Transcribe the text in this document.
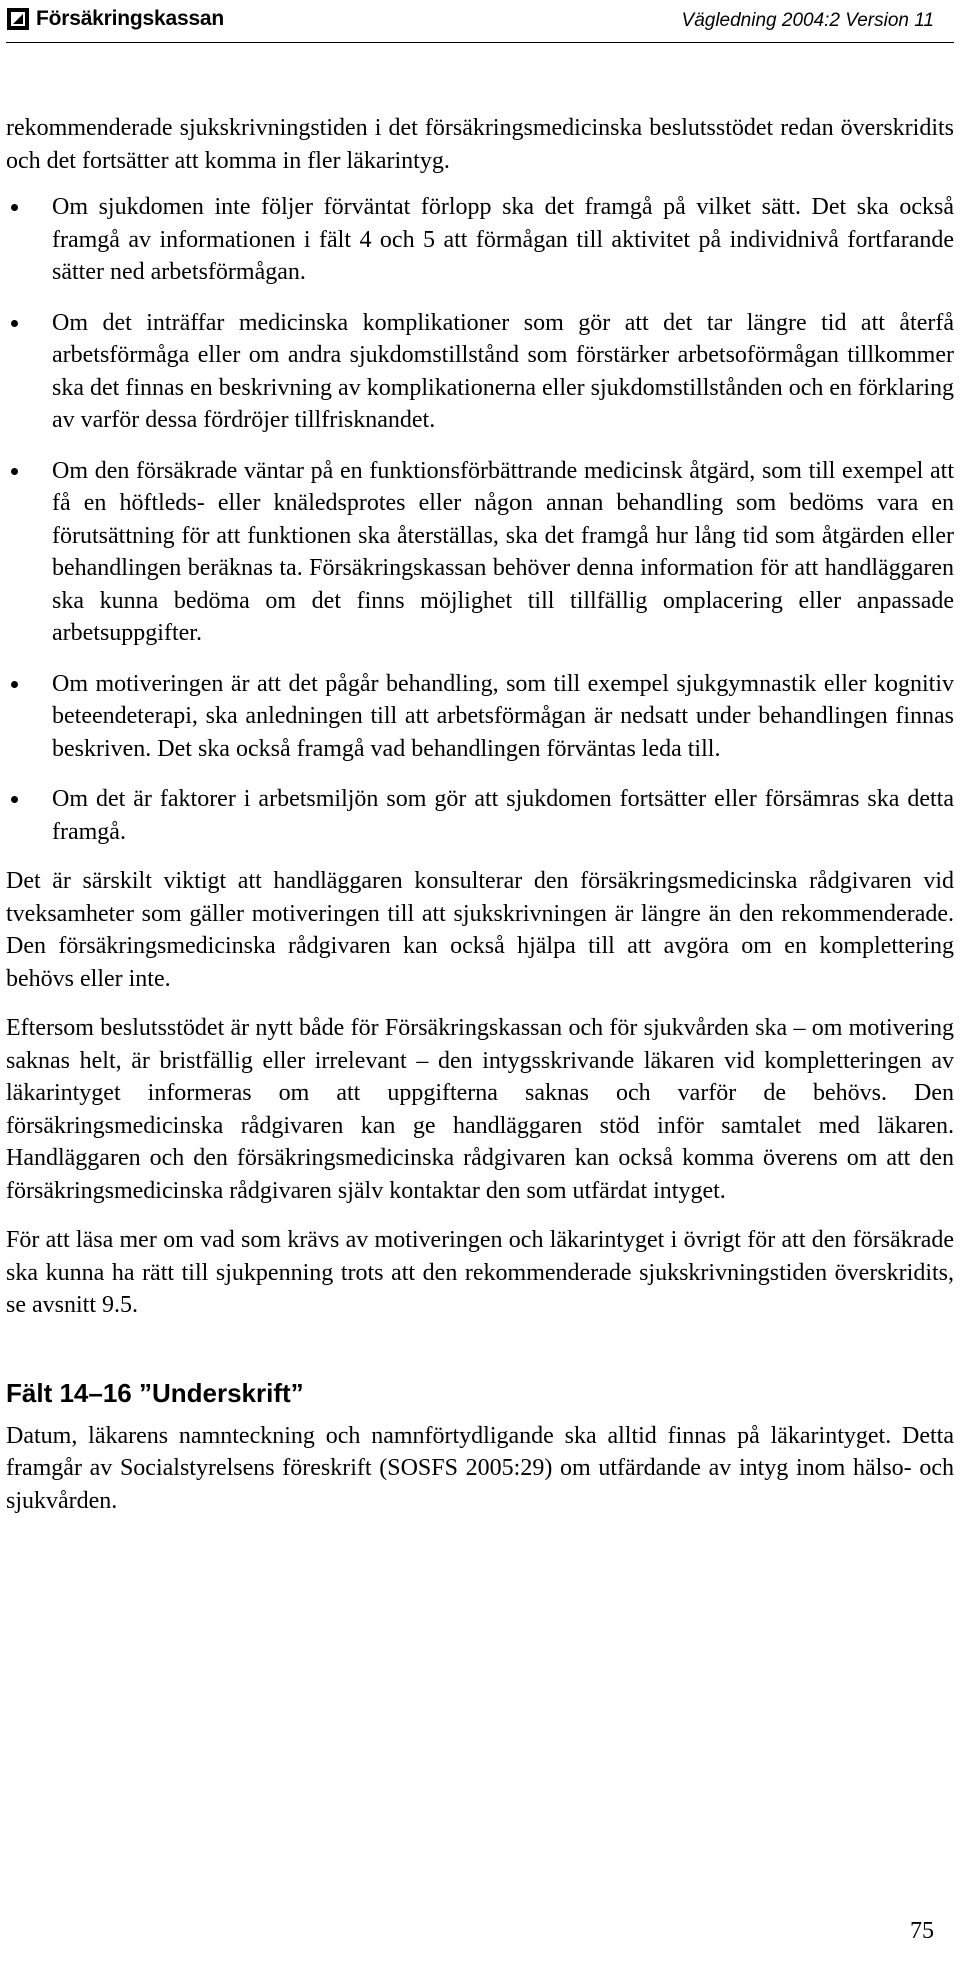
Försäkringskassan	Vägledning 2004:2 Version 11

rekommenderade sjukskrivningstiden i det försäkringsmedicinska beslutsstödet redan överskridits och det fortsätter att komma in fler läkarintyg.

Om sjukdomen inte följer förväntat förlopp ska det framgå på vilket sätt. Det ska också framgå av informationen i fält 4 och 5 att förmågan till aktivitet på individnivå fortfarande sätter ned arbetsförmågan.
Om det inträffar medicinska komplikationer som gör att det tar längre tid att återfå arbetsförmåga eller om andra sjukdomstillstånd som förstärker arbetsoförmågan tillkommer ska det finnas en beskrivning av komplikationerna eller sjukdomstillstånden och en förklaring av varför dessa fördröjer tillfrisknandet.
Om den försäkrade väntar på en funktionsförbättrande medicinsk åtgärd, som till exempel att få en höftleds- eller knäledsprotes eller någon annan behandling som bedöms vara en förutsättning för att funktionen ska återställas, ska det framgå hur lång tid som åtgärden eller behandlingen beräknas ta. Försäkringskassan behöver denna information för att handläggaren ska kunna bedöma om det finns möjlighet till tillfällig omplacering eller anpassade arbetsuppgifter.
Om motiveringen är att det pågår behandling, som till exempel sjukgymnastik eller kognitiv beteendeterapi, ska anledningen till att arbetsförmågan är nedsatt under behandlingen finnas beskriven. Det ska också framgå vad behandlingen förväntas leda till.
Om det är faktorer i arbetsmiljön som gör att sjukdomen fortsätter eller försämras ska detta framgå.

Det är särskilt viktigt att handläggaren konsulterar den försäkringsmedicinska rådgivaren vid tveksamheter som gäller motiveringen till att sjukskrivningen är längre än den rekommenderade. Den försäkringsmedicinska rådgivaren kan också hjälpa till att avgöra om en komplettering behövs eller inte.

Eftersom beslutsstödet är nytt både för Försäkringskassan och för sjukvården ska – om motivering saknas helt, är bristfällig eller irrelevant – den intygsskrivande läkaren vid kompletteringen av läkarintyget informeras om att uppgifterna saknas och varför de behövs. Den försäkringsmedicinska rådgivaren kan ge handläggaren stöd inför samtalet med läkaren. Handläggaren och den försäkringsmedicinska rådgivaren kan också komma överens om att den försäkringsmedicinska rådgivaren själv kontaktar den som utfärdat intyget.

För att läsa mer om vad som krävs av motiveringen och läkarintyget i övrigt för att den försäkrade ska kunna ha rätt till sjukpenning trots att den rekommenderade sjukskrivningstiden överskridits, se avsnitt 9.5.

Fält 14–16 ”Underskrift”

Datum, läkarens namnteckning och namnförtydligande ska alltid finnas på läkarintyget. Detta framgår av Socialstyrelsens föreskrift (SOSFS 2005:29) om utfärdande av intyg inom hälso- och sjukvården.

75
